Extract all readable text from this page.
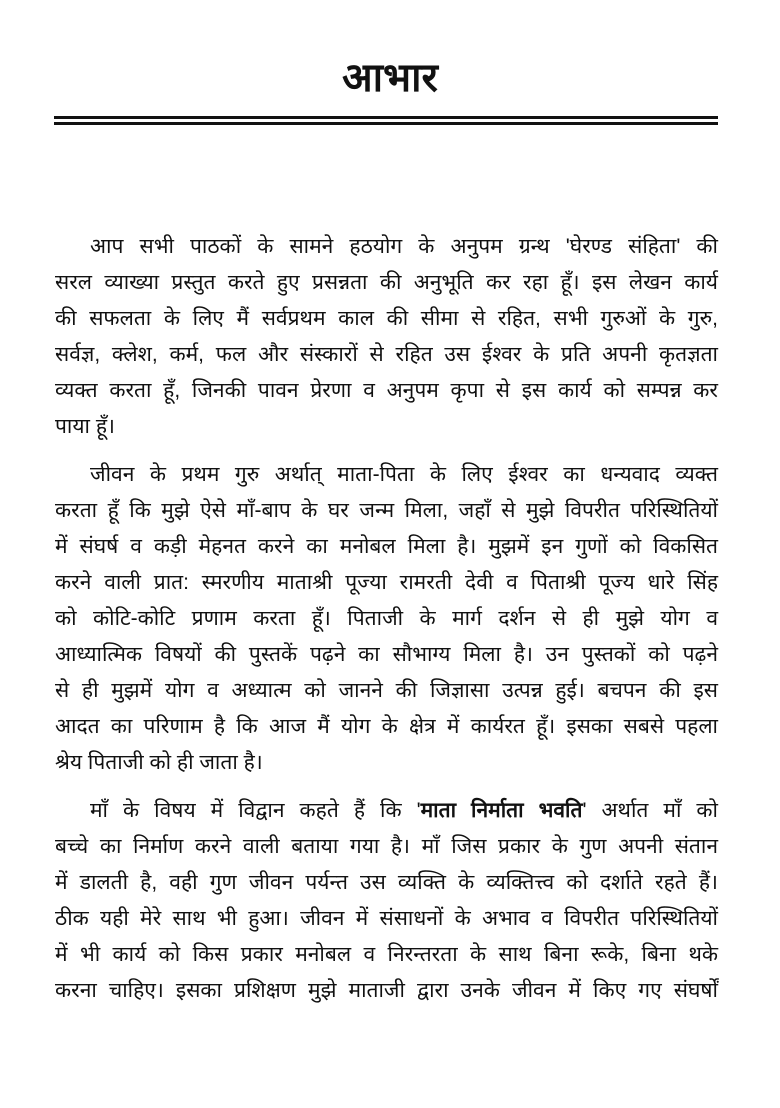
आभार
आप सभी पाठकों के सामने हठयोग के अनुपम ग्रन्थ 'घेरण्ड संहिता' की
सरल व्याख्या प्रस्तुत करते हुए प्रसन्नता की अनुभूति कर रहा हूँ। इस लेखन कार्य
की सफलता के लिए मैं सर्वप्रथम काल की सीमा से रहित, सभी गुरुओं के गुरु,
सर्वज्ञ, क्लेश, कर्म, फल और संस्कारों से रहित उस ईश्वर के प्रति अपनी कृतज्ञता
व्यक्त करता हूँ, जिनकी पावन प्रेरणा व अनुपम कृपा से इस कार्य को सम्पन्न कर
पाया हूँ।
जीवन के प्रथम गुरु अर्थात् माता-पिता के लिए ईश्वर का धन्यवाद व्यक्त
करता हूँ कि मुझे ऐसे माँ-बाप के घर जन्म मिला, जहाँ से मुझे विपरीत परिस्थितियों
में संघर्ष व कड़ी मेहनत करने का मनोबल मिला है। मुझमें इन गुणों को विकसित
करने वाली प्रात: स्मरणीय माताश्री पूज्या रामरती देवी व पिताश्री पूज्य धारे सिंह
को कोटि-कोटि प्रणाम करता हूँ। पिताजी के मार्ग दर्शन से ही मुझे योग व
आध्यात्मिक विषयों की पुस्तकें पढ़ने का सौभाग्य मिला है। उन पुस्तकों को पढ़ने
से ही मुझमें योग व अध्यात्म को जानने की जिज्ञासा उत्पन्न हुई। बचपन की इस
आदत का परिणाम है कि आज मैं योग के क्षेत्र में कार्यरत हूँ। इसका सबसे पहला
श्रेय पिताजी को ही जाता है।
माँ के विषय में विद्वान कहते हैं कि 'माता निर्माता भवति' अर्थात माँ को
बच्चे का निर्माण करने वाली बताया गया है। माँ जिस प्रकार के गुण अपनी संतान
में डालती है, वही गुण जीवन पर्यन्त उस व्यक्ति के व्यक्तित्त्व को दर्शाते रहते हैं।
ठीक यही मेरे साथ भी हुआ। जीवन में संसाधनों के अभाव व विपरीत परिस्थितियों
में भी कार्य को किस प्रकार मनोबल व निरन्तरता के साथ बिना रूके, बिना थके
करना चाहिए। इसका प्रशिक्षण मुझे माताजी द्वारा उनके जीवन में किए गए संघर्षों
